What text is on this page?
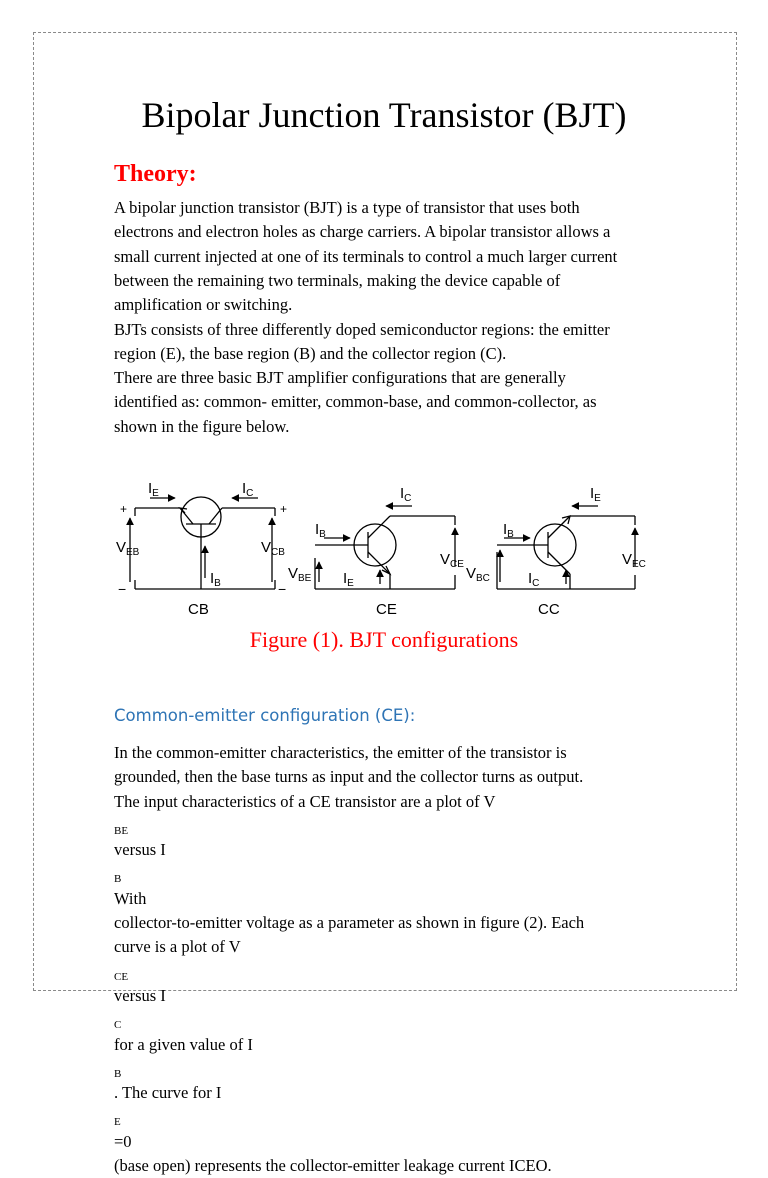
Bipolar Junction Transistor (BJT)
Theory:
A bipolar junction transistor (BJT) is a type of transistor that uses both
electrons and electron holes as charge carriers. A bipolar transistor allows a
small current injected at one of its terminals to control a much larger current
between the remaining two terminals, making the device capable of
amplification or switching.
BJTs consists of three differently doped semiconductor regions: the emitter
region (E), the base region (B) and the collector region (C).
There are three basic BJT amplifier configurations that are generally
identified as: common- emitter, common-base, and common-collector, as
shown in the figure below.
$I_E$	$I_C$
$I_B$
$V_{EB}$	$V_{CB}$
+	+
−	−
CB
$I_C$
$I_B$
$I_E$
$V_{BE}$
$V_{CE}$
CE
$I_E$
$I_B$
$I_C$
$V_{BC}$
$V_{EC}$
CC
Figure (1). BJT configurations
Common-emitter configuration (CE):
In the common-emitter characteristics, the emitter of the transistor is
grounded, then the base turns as input and the collector turns as output.
The input characteristics of a CE transistor are a plot of V
$_{BE}$
versus I
$_B$
With
collector-to-emitter voltage as a parameter as shown in figure (2). Each
curve is a plot of V
$_{CE}$
versus I
$_C$
for a given value of I
$_B$
. The curve for I
$_E$
=0
(base open) represents the collector-emitter leakage current ICEO.
